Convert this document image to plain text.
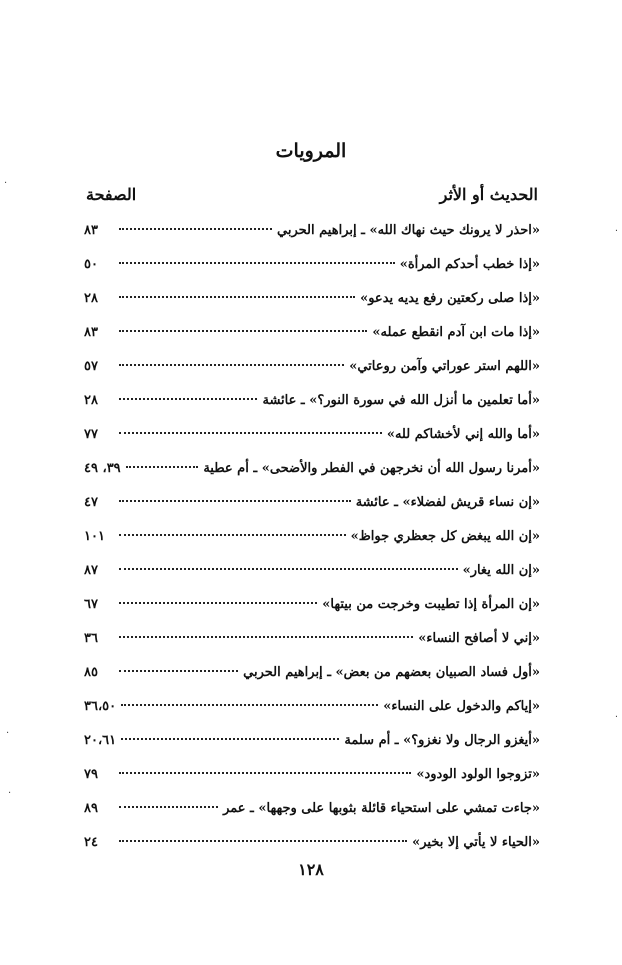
المرويات
الحديث أو الأثر
الصفحة
«احذر لا يرونك حيث نهاك الله» ـ إبراهيم الحربي
٨٣
«إذا خطب أحدكم المرأة»
٥٠
«إذا صلى ركعتين رفع يديه يدعو»
٢٨
«إذا مات ابن آدم انقطع عمله»
٨٣
«اللهم استر عوراتي وآمن روعاتي»
٥٧
«أما تعلمين ما أنزل الله في سورة النور؟» ـ عائشة
٢٨
«أما والله إني لأخشاكم لله»
٧٧
«أمرنا رسول الله أن نخرجهن في الفطر والأضحى» ـ أم عطية
٣٩، ٤٩
«إن نساء قريش لفضلاء» ـ عائشة
٤٧
«إن الله يبغض كل جعظري جواظ»
١٠١
«إن الله يغار»
٨٧
«إن المرأة إذا تطيبت وخرجت من بيتها»
٦٧
«إني لا أصافح النساء»
٣٦
«أول فساد الصبيان بعضهم من بعض» ـ إبراهيم الحربي
٨٥
«إياكم والدخول على النساء»
٣٦،٥٠
«أيغزو الرجال ولا نغزو؟» ـ أم سلمة
٢٠،٦١
«تزوجوا الولود الودود»
٧٩
«جاءت تمشي على استحياء قائلة بثوبها على وجهها» ـ عمر
٨٩
«الحياء لا يأتي إلا بخير»
٢٤
١٢٨
·
·
·
·
·
